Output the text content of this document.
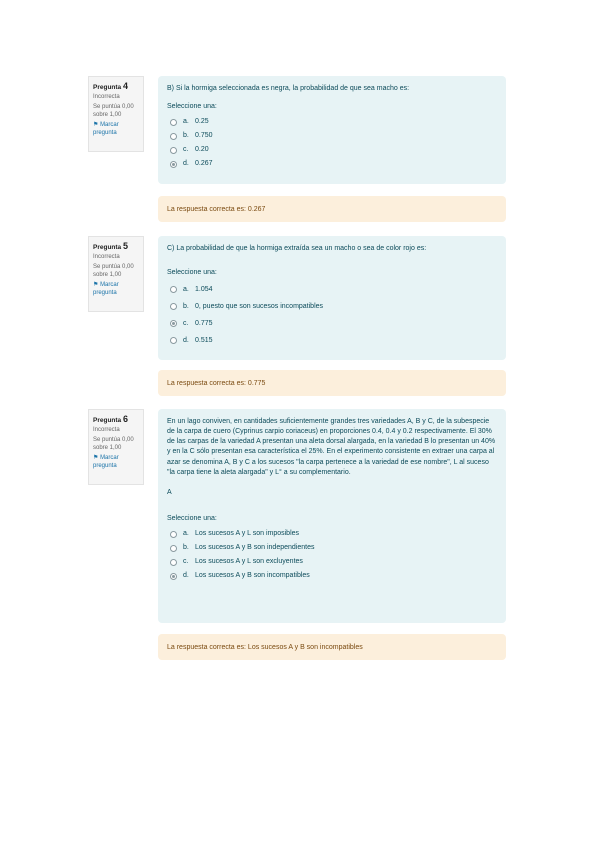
Pregunta 4
Incorrecta
Se puntúa 0,00 sobre 1,00
⚑ Marcar pregunta

B) Si la hormiga seleccionada es negra, la probabilidad de que sea macho es:

Seleccione una:

a. 0.25
b. 0.750
c. 0.20
d. 0.267
La respuesta correcta es: 0.267
Pregunta 5
Incorrecta
Se puntúa 0,00 sobre 1,00
⚑ Marcar pregunta

C) La probabilidad de que la hormiga extraída sea un macho o sea de color rojo es:

Seleccione una:

a. 1.054
b. 0, puesto que son sucesos incompatibles
c. 0.775
d. 0.515
La respuesta correcta es: 0.775
Pregunta 6
Incorrecta
Se puntúa 0,00 sobre 1,00
⚑ Marcar pregunta

En un lago conviven, en cantidades suficientemente grandes tres variedades A, B y C, de la subespecie de la carpa de cuero (Cyprinus carpio coriaceus) en proporciones 0.4, 0.4 y 0.2 respectivamente. El 30% de las carpas de la variedad A presentan una aleta dorsal alargada, en la variedad B lo presentan un 40% y en la C sólo presentan esa característica el 25%. En el experimento consistente en extraer una carpa al azar se denomina A, B y C a los sucesos "la carpa pertenece a la variedad de ese nombre", L al suceso "la carpa tiene la aleta alargada" y L° a su complementario.

A

Seleccione una:

a. Los sucesos A y L son imposibles
b. Los sucesos A y B son independientes
c. Los sucesos A y L son excluyentes
d. Los sucesos A y B son incompatibles
La respuesta correcta es: Los sucesos A y B son incompatibles
